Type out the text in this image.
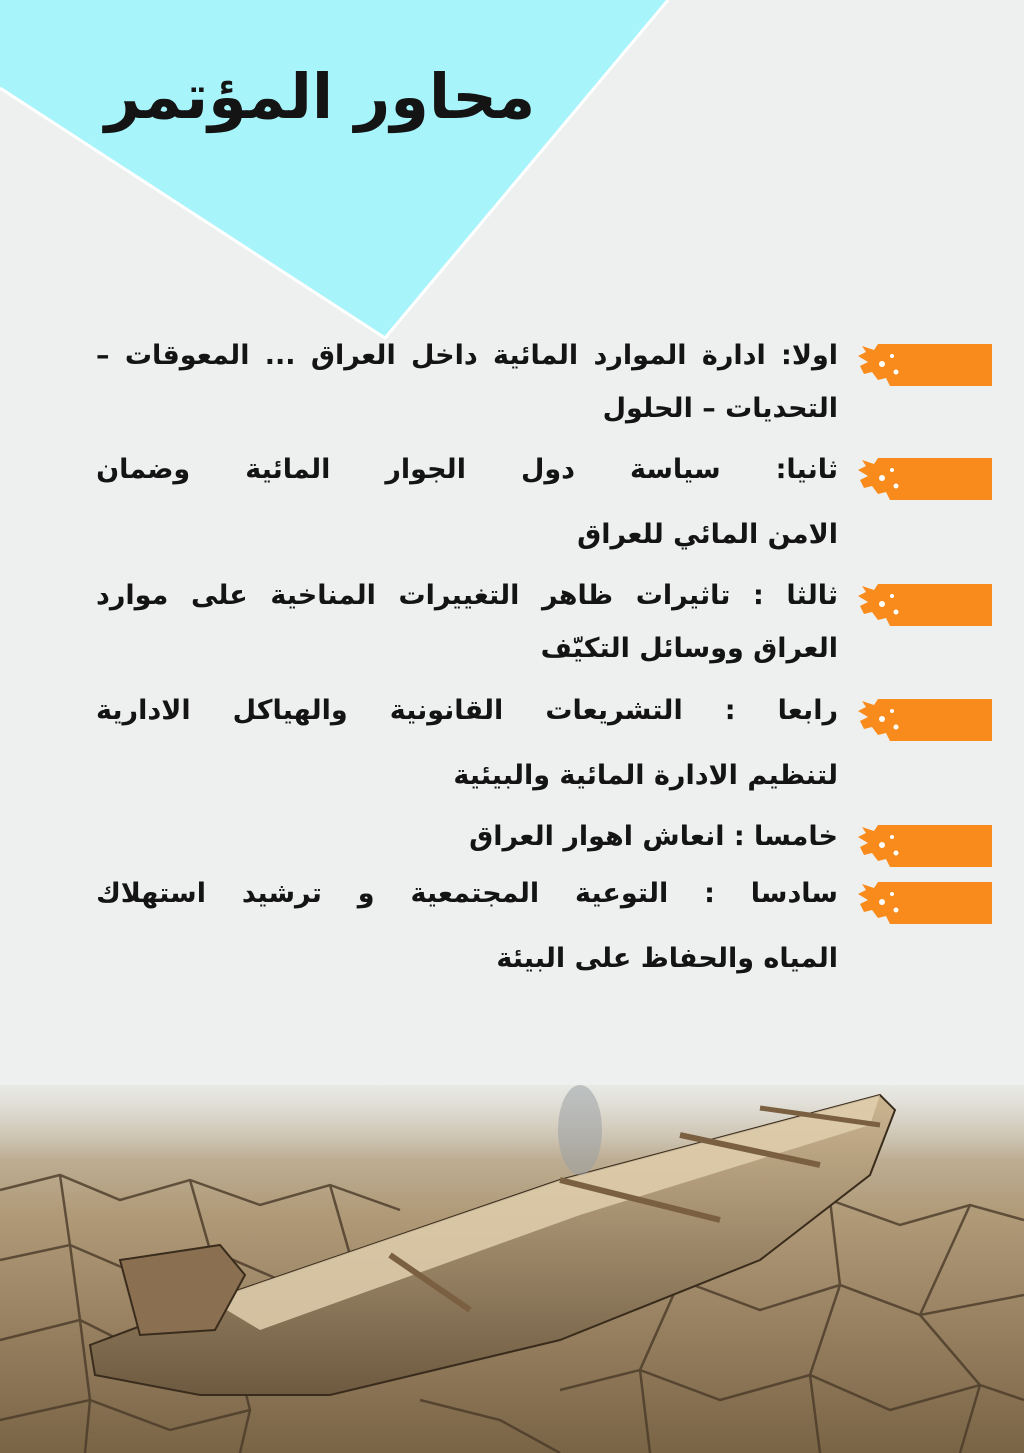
محاور المؤتمر
اولا:
ادارة
الموارد
المائية
داخل
العراق
...
المعوقات
–
التحديات – الحلول
ثانيا:
سياسة
دول
الجوار
المائية
وضمان
الامن المائي للعراق
ثالثا
:
تاثيرات
ظاهر
التغييرات
المناخية
على
موارد
العراق ووسائل التكيّف
رابعا
:
التشريعات
القانونية
والهياكل
الادارية
لتنظيم الادارة المائية والبيئية
خامسا : انعاش اهوار العراق
سادسا
:
التوعية
المجتمعية
و
ترشيد
استهلاك
المياه والحفاظ على البيئة
